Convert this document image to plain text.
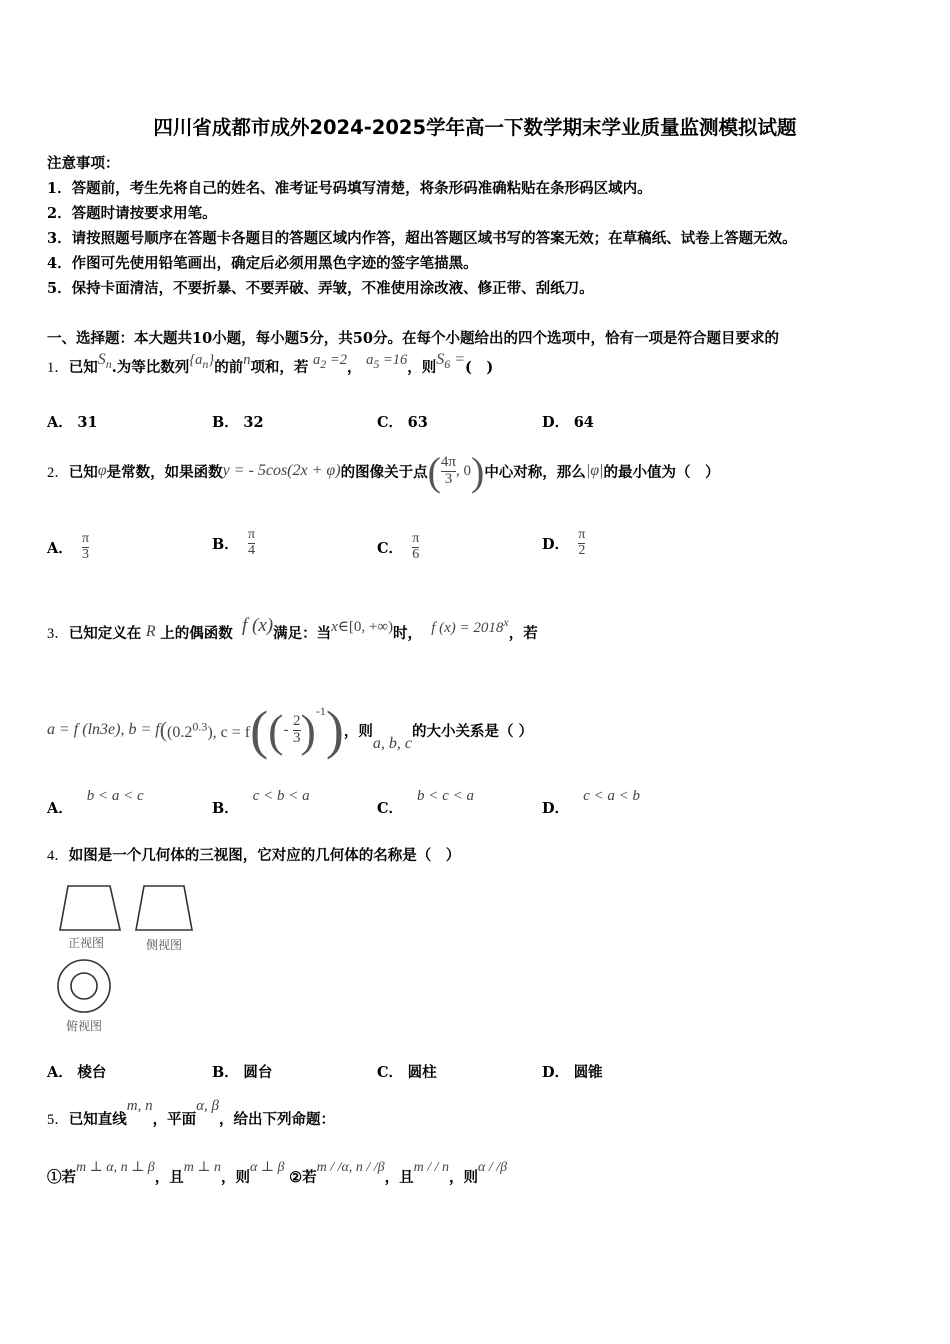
四川省成都市成外2024-2025学年高一下数学期末学业质量监测模拟试题
注意事项：
1．答题前，考生先将自己的姓名、准考证号码填写清楚，将条形码准确粘贴在条形码区域内。
2．答题时请按要求用笔。
3．请按照题号顺序在答题卡各题目的答题区域内作答，超出答题区域书写的答案无效；在草稿纸、试卷上答题无效。
4．作图可先使用铅笔画出，确定后必须用黑色字迹的签字笔描黑。
5．保持卡面清洁，不要折暴、不要弄破、弄皱，不准使用涂改液、修正带、刮纸刀。
一、选择题：本大题共10小题，每小题5分，共50分。在每个小题给出的四个选项中，恰有一项是符合题目要求的
1．已知$S_n$.为等比数列$\{a_n\}$的前n项和，若 $a_2 =2$， $a_5 =16$，则$S_6$ =(　)
A． 31	B． 32	C． 63	D． 64
2． 已知 φ 是常数，如果函数 y = - 5cos(2x + φ) 的图像关于点 ( $\frac{4\pi}{3}$ , 0 ) 中心对称，那么 |φ| 的最小值为（　）
A．
$\frac{\pi}{3}$	B．
$\frac{\pi}{4}$	C．
$\frac{\pi}{6}$	D．
$\frac{\pi}{2}$
3． 已知定义在
R
上的偶函数
f (x) 满足：当 x∈[0, +∞) 时，
f $(x) = 2018^x$
，若
a = f (ln3e), b = f ($(0.2^{0.3})$, c = f ( ( -
$\frac{2}{3} )^{-1}$ ) ，则
a, b, c
的大小关系是（ ）
A．b < a < c
B．c < b < a
C．b < c < a
D．c < a < b
4．如图是一个几何体的三视图，它对应的几何体的名称是（　）
正视图	侧视图
俯视图
A． 棱台	B． 圆台	C． 圆柱	D． 圆锥
5．已知直线m, n，平面α, β，给出下列命题：
①若m ⊥ α, n ⊥ β，且m ⊥ n，则α ⊥ β ②若m / /α, n / /β，且m / / n，则α / /β
